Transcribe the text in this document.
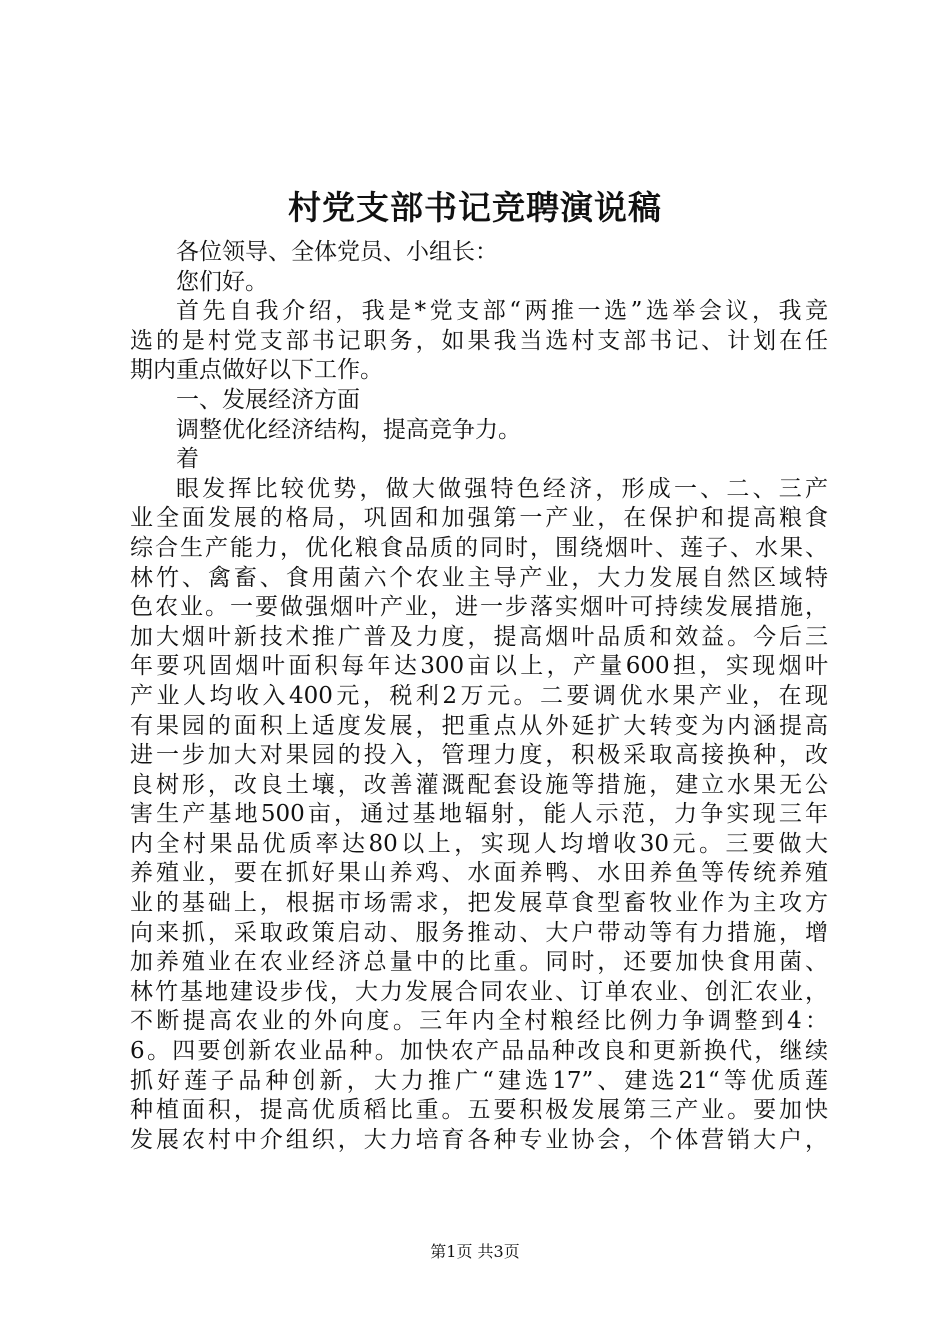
村党支部书记竞聘演说稿
各位领导、全体党员、小组长：
您们好。
首先自我介绍，我是*党支部“两推一选”选举会议，我竞
选的是村党支部书记职务，如果我当选村支部书记、计划在任
期内重点做好以下工作。
一、发展经济方面
调整优化经济结构，提高竞争力。
着
眼发挥比较优势，做大做强特色经济，形成一、二、三产
业全面发展的格局，巩固和加强第一产业，在保护和提高粮食
综合生产能力，优化粮食品质的同时，围绕烟叶、莲子、水果、
林竹、禽畜、食用菌六个农业主导产业，大力发展自然区域特
色农业。一要做强烟叶产业，进一步落实烟叶可持续发展措施，
加大烟叶新技术推广普及力度，提高烟叶品质和效益。今后三
年要巩固烟叶面积每年达300亩以上，产量600担，实现烟叶
产业人均收入400元，税利2万元。二要调优水果产业，在现
有果园的面积上适度发展，把重点从外延扩大转变为内涵提高
进一步加大对果园的投入，管理力度，积极采取高接换种，改
良树形，改良土壤，改善灌溉配套设施等措施，建立水果无公
害生产基地500亩，通过基地辐射，能人示范，力争实现三年
内全村果品优质率达80以上，实现人均增收30元。三要做大
养殖业，要在抓好果山养鸡、水面养鸭、水田养鱼等传统养殖
业的基础上，根据市场需求，把发展草食型畜牧业作为主攻方
向来抓，采取政策启动、服务推动、大户带动等有力措施，增
加养殖业在农业经济总量中的比重。同时，还要加快食用菌、
林竹基地建设步伐，大力发展合同农业、订单农业、创汇农业，
不断提高农业的外向度。三年内全村粮经比例力争调整到4：
6。四要创新农业品种。加快农产品品种改良和更新换代，继续
抓好莲子品种创新，大力推广“建选17”、建选21“等优质莲
种植面积，提高优质稻比重。五要积极发展第三产业。要加快
发展农村中介组织，大力培育各种专业协会，个体营销大户，
第1页 共3页
